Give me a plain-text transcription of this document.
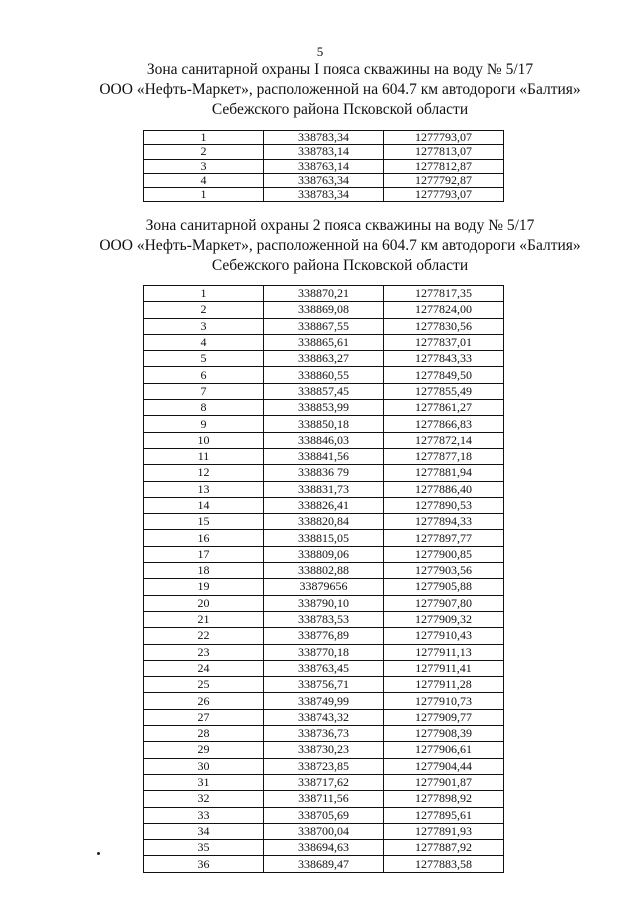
5
Зона санитарной охраны I пояса скважины на воду № 5/17
ООО «Нефть-Маркет», расположенной на 604.7 км автодороги «Балтия»
Себежского района Псковской области
1	338783,34	1277793,07
2	338783,14	1277813,07
3	338763,14	1277812,87
4	338763,34	1277792,87
1	338783,34	1277793,07
Зона санитарной охраны 2 пояса скважины на воду № 5/17
ООО «Нефть-Маркет», расположенной на 604.7 км автодороги «Балтия»
Себежского района Псковской области
1	338870,21	1277817,35
2	338869,08	1277824,00
3	338867,55	1277830,56
4	338865,61	1277837,01
5	338863,27	1277843,33
6	338860,55	1277849,50
7	338857,45	1277855,49
8	338853,99	1277861,27
9	338850,18	1277866,83
10	338846,03	1277872,14
11	338841,56	1277877,18
12	338836 79	1277881,94
13	338831,73	1277886,40
14	338826,41	1277890,53
15	338820,84	1277894,33
16	338815,05	1277897,77
17	338809,06	1277900,85
18	338802,88	1277903,56
19	33879656	1277905,88
20	338790,10	1277907,80
21	338783,53	1277909,32
22	338776,89	1277910,43
23	338770,18	1277911,13
24	338763,45	1277911,41
25	338756,71	1277911,28
26	338749,99	1277910,73
27	338743,32	1277909,77
28	338736,73	1277908,39
29	338730,23	1277906,61
30	338723,85	1277904,44
31	338717,62	1277901,87
32	338711,56	1277898,92
33	338705,69	1277895,61
34	338700,04	1277891,93
35	338694,63	1277887,92
36	338689,47	1277883,58
